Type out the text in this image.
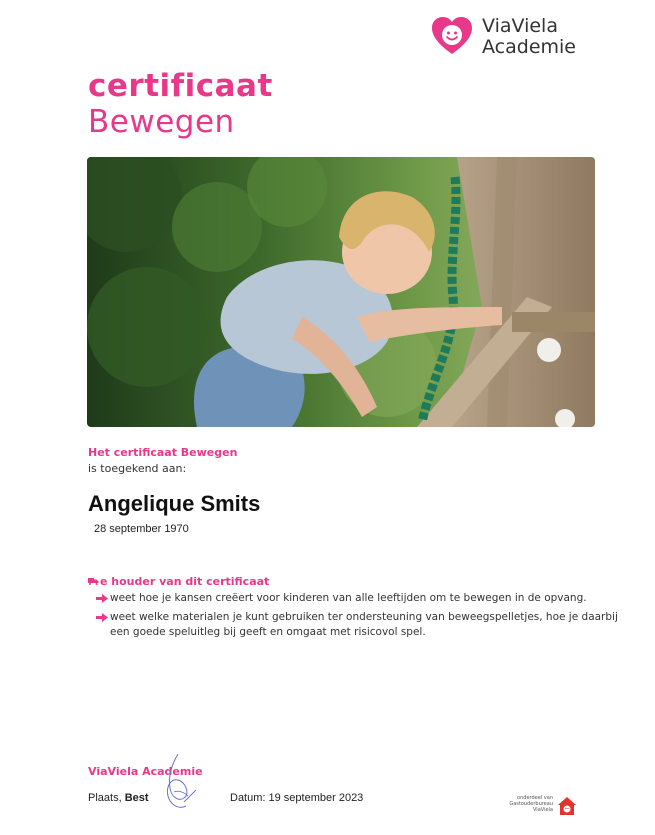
ViaViela
Academie
certificaat
Bewegen
Het certificaat Bewegen
is toegekend aan:
Angelique Smits
28 september 1970
e houder van dit certificaat
weet hoe je kansen creëert voor kinderen van alle leeftijden om te bewegen in de opvang.
weet welke materialen je kunt gebruiken ter ondersteuning van beweegspelletjes, hoe je daarbij een goede speluitleg bij geeft en omgaat met risicovol spel.
ViaViela Academie
Plaats, Best	Datum: 19 september 2023	onderdeel van Gastouderbureau ViaViela
